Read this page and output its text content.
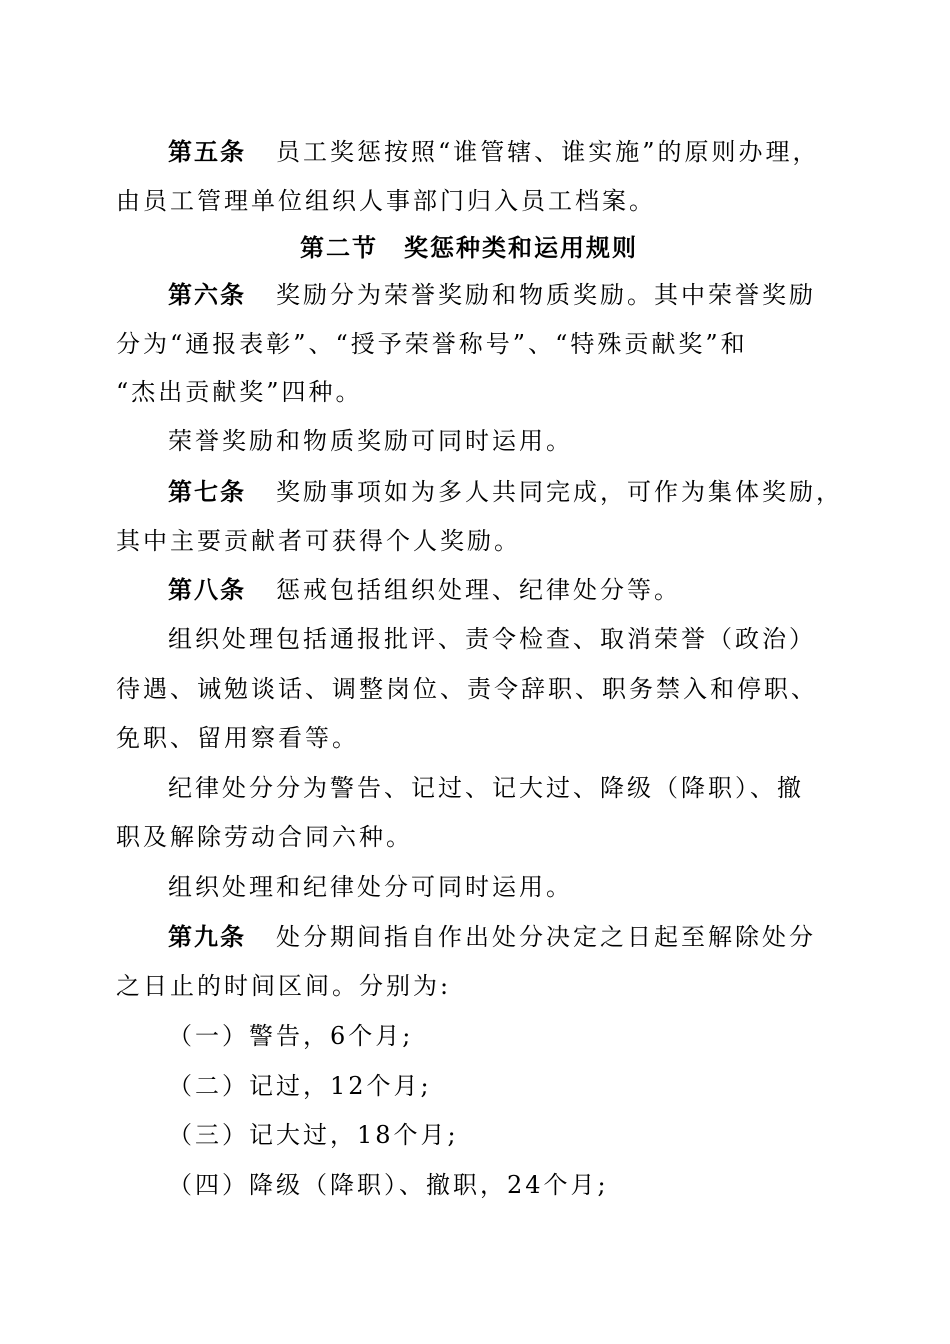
第五条 员工奖惩按照“谁管辖、谁实施”的原则办理，
由员工管理单位组织人事部门归入员工档案。
第二节 奖惩种类和运用规则
第六条 奖励分为荣誉奖励和物质奖励。其中荣誉奖励
分为“通报表彰”、“授予荣誉称号”、“特殊贡献奖”和
“杰出贡献奖”四种。
荣誉奖励和物质奖励可同时运用。
第七条 奖励事项如为多人共同完成，可作为集体奖励，
其中主要贡献者可获得个人奖励。
第八条 惩戒包括组织处理、纪律处分等。
组织处理包括通报批评、责令检查、取消荣誉（政治）
待遇、诫勉谈话、调整岗位、责令辞职、职务禁入和停职、
免职、留用察看等。
纪律处分分为警告、记过、记大过、降级（降职）、撤
职及解除劳动合同六种。
组织处理和纪律处分可同时运用。
第九条 处分期间指自作出处分决定之日起至解除处分
之日止的时间区间。分别为:
（一）警告，6个月;
（二）记过，12个月;
（三）记大过，18个月;
（四）降级（降职）、撤职，24个月;
